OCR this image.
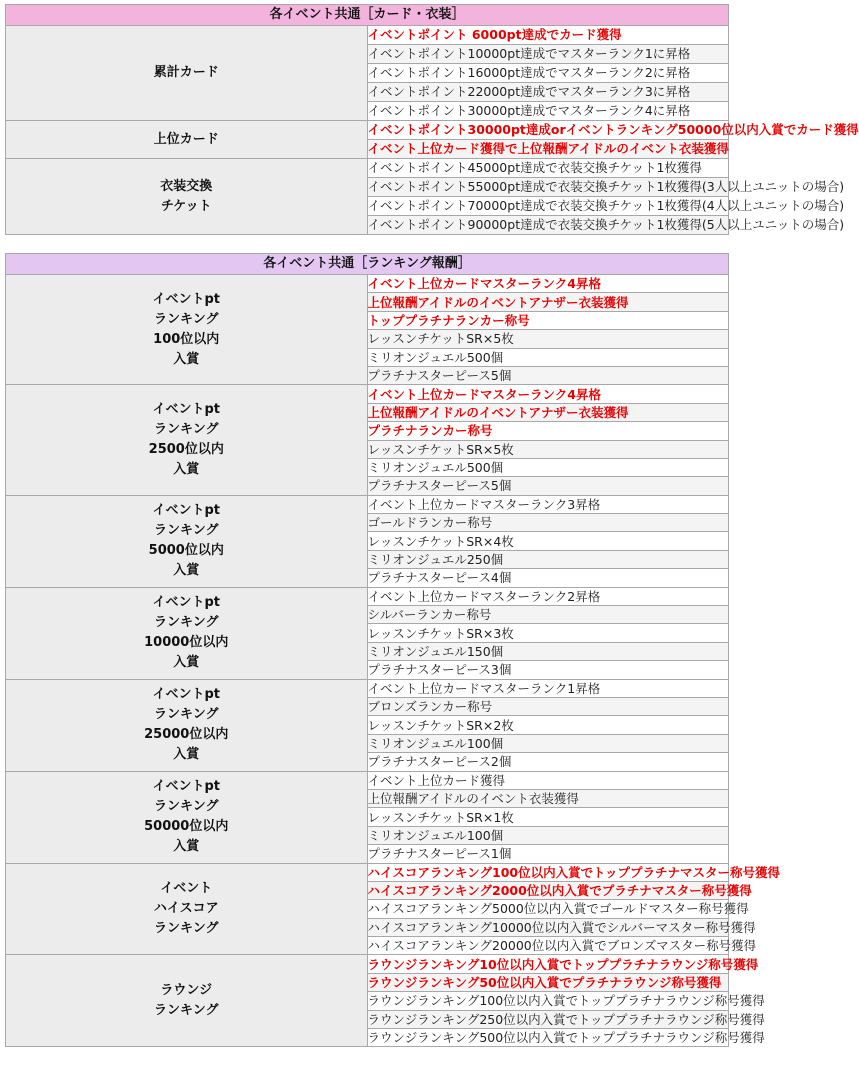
各イベント共通［カード・衣装］	
累計カード	イベントポイント 6000pt達成でカード獲得
	イベントポイント10000pt達成でマスターランク1に昇格
	イベントポイント16000pt達成でマスターランク2に昇格
	イベントポイント22000pt達成でマスターランク3に昇格
	イベントポイント30000pt達成でマスターランク4に昇格
上位カード	イベントポイント30000pt達成orイベントランキング50000位以内入賞でカード獲得
	イベント上位カード獲得で上位報酬アイドルのイベント衣装獲得
衣装交換
チケット	イベントポイント45000pt達成で衣装交換チケット1枚獲得
	イベントポイント55000pt達成で衣装交換チケット1枚獲得(3人以上ユニットの場合)
	イベントポイント70000pt達成で衣装交換チケット1枚獲得(4人以上ユニットの場合)
	イベントポイント90000pt達成で衣装交換チケット1枚獲得(5人以上ユニットの場合)
各イベント共通［ランキング報酬］	
イベントpt
ランキング
100位以内
入賞	イベント上位カードマスターランク4昇格
	上位報酬アイドルのイベントアナザー衣装獲得
	トッププラチナランカー称号
	レッスンチケットSR×5枚
	ミリオンジュエル500個
	プラチナスターピース5個
イベントpt
ランキング
2500位以内
入賞	イベント上位カードマスターランク4昇格
	上位報酬アイドルのイベントアナザー衣装獲得
	プラチナランカー称号
	レッスンチケットSR×5枚
	ミリオンジュエル500個
	プラチナスターピース5個
イベントpt
ランキング
5000位以内
入賞	イベント上位カードマスターランク3昇格
	ゴールドランカー称号
	レッスンチケットSR×4枚
	ミリオンジュエル250個
	プラチナスターピース4個
イベントpt
ランキング
10000位以内
入賞	イベント上位カードマスターランク2昇格
	シルバーランカー称号
	レッスンチケットSR×3枚
	ミリオンジュエル150個
	プラチナスターピース3個
イベントpt
ランキング
25000位以内
入賞	イベント上位カードマスターランク1昇格
	ブロンズランカー称号
	レッスンチケットSR×2枚
	ミリオンジュエル100個
	プラチナスターピース2個
イベントpt
ランキング
50000位以内
入賞	イベント上位カード獲得
	上位報酬アイドルのイベント衣装獲得
	レッスンチケットSR×1枚
	ミリオンジュエル100個
	プラチナスターピース1個
イベント
ハイスコア
ランキング	ハイスコアランキング100位以内入賞でトッププラチナマスター称号獲得
	ハイスコアランキング2000位以内入賞でプラチナマスター称号獲得
	ハイスコアランキング5000位以内入賞でゴールドマスター称号獲得
	ハイスコアランキング10000位以内入賞でシルバーマスター称号獲得
	ハイスコアランキング20000位以内入賞でブロンズマスター称号獲得
ラウンジ
ランキング	ラウンジランキング10位以内入賞でトッププラチナラウンジ称号獲得
	ラウンジランキング50位以内入賞でプラチナラウンジ称号獲得
	ラウンジランキング100位以内入賞でトッププラチナラウンジ称号獲得
	ラウンジランキング250位以内入賞でトッププラチナラウンジ称号獲得
	ラウンジランキング500位以内入賞でトッププラチナラウンジ称号獲得
